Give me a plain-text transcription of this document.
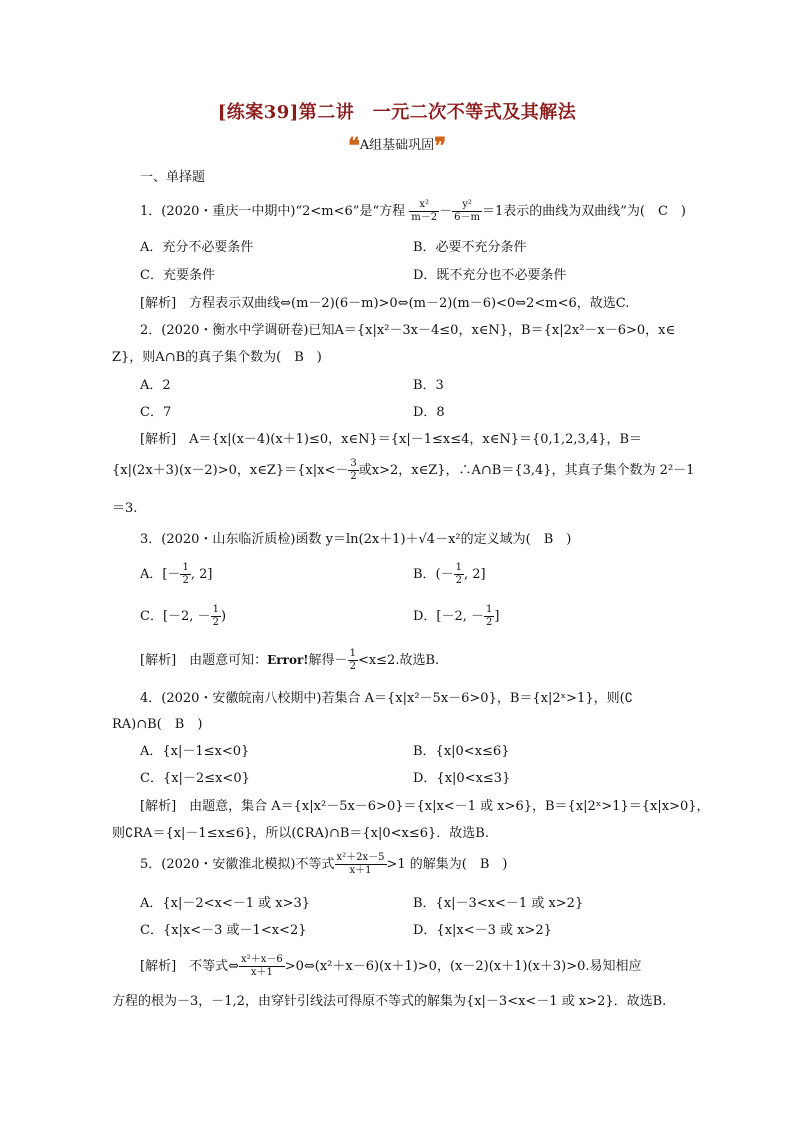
[练案39]第二讲　一元二次不等式及其解法
❝A组基础巩固❞
一、单择题
1．(2020・重庆一中期中)“2<m<6”是“方程 $\frac{\text{x²}}{m-2} - \frac{\text{y²}}{6-m} =1$表示的曲线为双曲线”为(　C　)
A．充分不必要条件	B．必要不充分条件
C．充要条件	D．既不充分也不必要条件
[解析]　方程表示双曲线⇔(m－2)(6－m)>0⇔(m－2)(m－6)<0⇔2<m<6，故选C.
2．(2020・衡水中学调研卷)已知A＝{x|x²－3x－4≤0，x∈N}，B＝{x|2x²－x－6>0，x∈
Z}，则A∩B的真子集个数为(　B　)
A．2	B．3
C．7	D．8
[解析]　A＝{x|(x－4)(x＋1)≤0，x∈N}＝{x|－1≤x≤4，x∈N}＝{0,1,2,3,4}，B＝
{x|(2x＋3)(x－2)>0，x∈Z}＝{x|x<－ $\frac{3}{2}$ 或x>2，x∈Z}，∴A∩B＝{3,4}，其真子集个数为 2²－1
＝3.
3．(2020・山东临沂质检)函数 y＝ln(2x＋1)＋√4－x²的定义域为(　B　)
A．[－ $\frac{1}{2}$ , 2]	B．(－ $\frac{1}{2}$ , 2]
C．[－2, － $\frac{1}{2}$ )	D．[－2, － $\frac{1}{2}$ ]
[解析]　由题意可知：Error!解得－ $\frac{1}{2} <x\le 2$.故选B.
4．(2020・安徽皖南八校期中)若集合 A＝{x|x²－5x－6>0}，B＝{x|2ˣ>1}，则(∁
RA)∩B(　B　)
A．{x|－1≤x<0}	B．{x|0<x≤6}
C．{x|－2≤x<0}	D．{x|0<x≤3}
[解析]　由题意，集合 A＝{x|x²－5x－6>0}＝{x|x<－1 或 x>6}，B＝{x|2ˣ>1}＝{x|x>0}，
则∁RA＝{x|－1≤x≤6}，所以(∁RA)∩B＝{x|0<x≤6}．故选B.
5．(2020・安徽淮北模拟)不等式 $\frac{\text{x²＋2x－5}}{x+1} >1$ 的解集为(　B　)
A．{x|－2<x<－1 或 x>3}	B．{x|－3<x<－1 或 x>2}
C．{x|x<－3 或－1<x<2}	D．{x|x<－3 或 x>2}
[解析]　不等式⇔ $\frac{\text{x²＋x－6}}{x+1}$ >0⇔(x²＋x－6)(x＋1)>0，(x－2)(x＋1)(x＋3)>0.易知相应
方程的根为－3，－1,2，由穿针引线法可得原不等式的解集为{x|－3<x<－1 或 x>2}．故选B.
